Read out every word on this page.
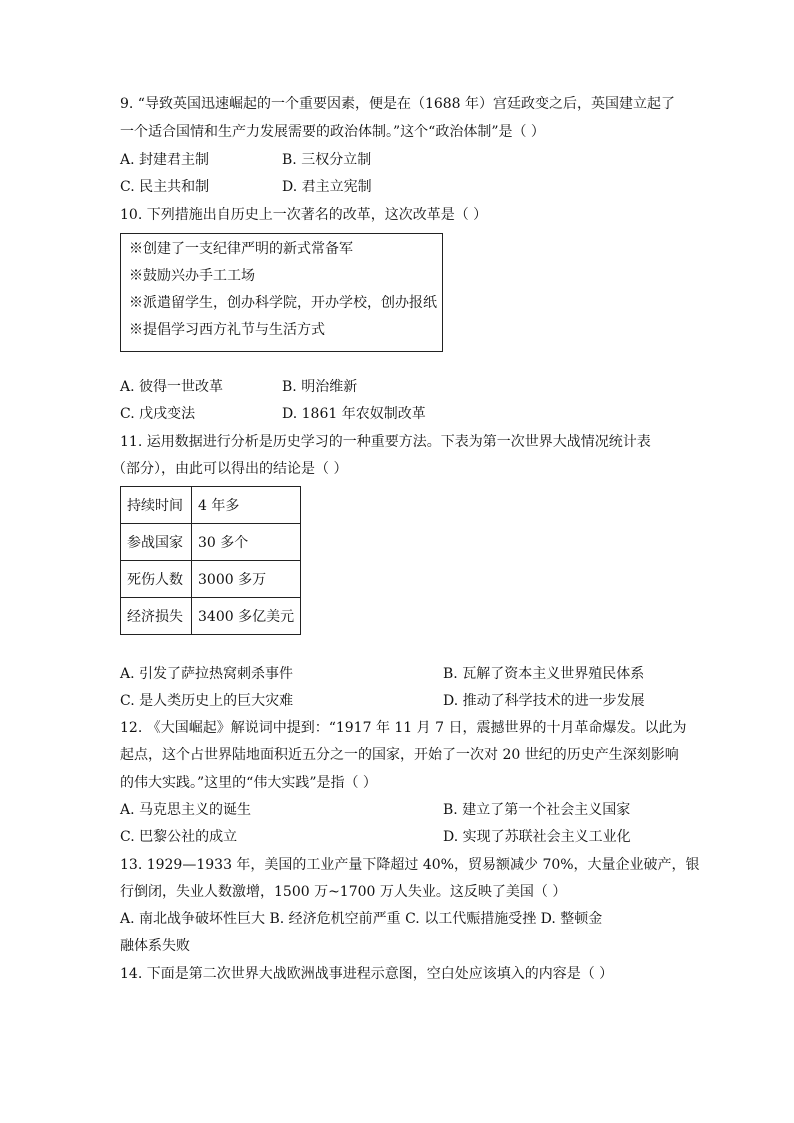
9. “导致英国迅速崛起的一个重要因素，便是在（1688 年）宫廷政变之后，英国建立起了
一个适合国情和生产力发展需要的政治体制。”这个“政治体制”是（ ）
A. 封建君主制	B. 三权分立制
C. 民主共和制	D. 君主立宪制
10. 下列措施出自历史上一次著名的改革，这次改革是（ ）
※创建了一支纪律严明的新式常备军
※鼓励兴办手工工场
※派遣留学生，创办科学院，开办学校，创办报纸
※提倡学习西方礼节与生活方式
A. 彼得一世改革	B. 明治维新
C. 戊戌变法	D. 1861 年农奴制改革
11. 运用数据进行分析是历史学习的一种重要方法。下表为第一次世界大战情况统计表
（部分），由此可以得出的结论是（ ）
持续时间	4 年多
参战国家	30 多个
死伤人数	3000 多万
经济损失	3400 多亿美元
A. 引发了萨拉热窝刺杀事件	B. 瓦解了资本主义世界殖民体系
C. 是人类历史上的巨大灾难	D. 推动了科学技术的进一步发展
12. 《大国崛起》解说词中提到：“1917 年 11 月 7 日，震撼世界的十月革命爆发。以此为
起点，这个占世界陆地面积近五分之一的国家，开始了一次对 20 世纪的历史产生深刻影响
的伟大实践。”这里的“伟大实践”是指（ ）
A. 马克思主义的诞生	B. 建立了第一个社会主义国家
C. 巴黎公社的成立	D. 实现了苏联社会主义工业化
13. 1929—1933 年，美国的工业产量下降超过 40%，贸易额减少 70%，大量企业破产，银
行倒闭，失业人数激增，1500 万~1700 万人失业。这反映了美国（ ）
A. 南北战争破坏性巨大 B. 经济危机空前严重 C. 以工代赈措施受挫 D. 整顿金
融体系失败
14. 下面是第二次世界大战欧洲战事进程示意图，空白处应该填入的内容是（ ）
